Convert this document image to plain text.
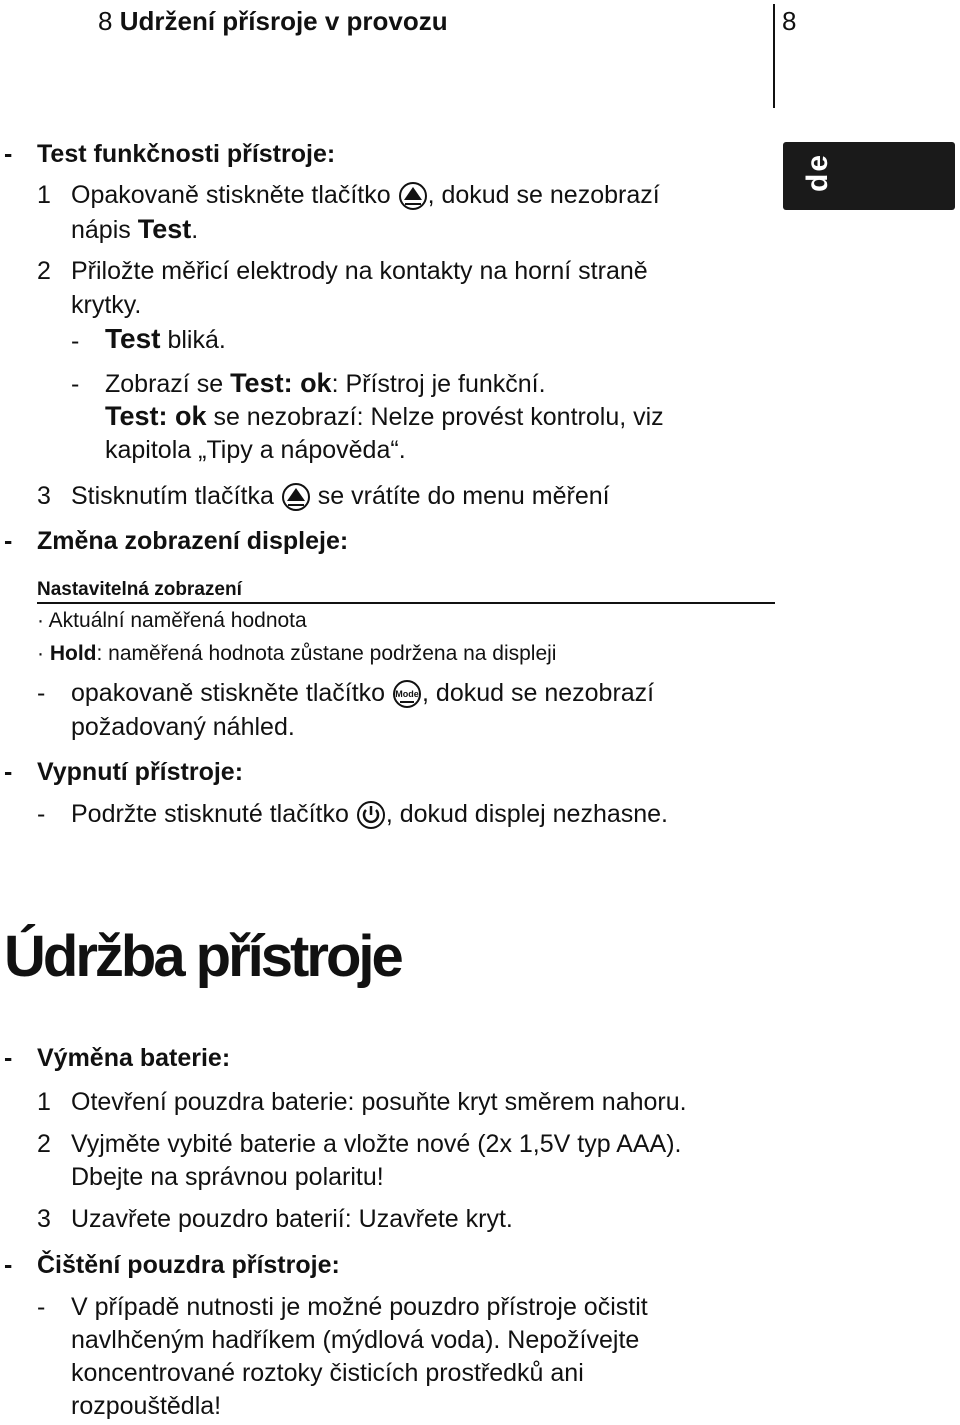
8 Udržení přísroje v provozu	8
de
- Test funkčnosti přístroje:
1 Opakovaně stiskněte tlačítko , dokud se nezobrazí
nápis Test.
2 Přiložte měřicí elektrody na kontakty na horní straně
krytky.
- Test bliká.
- Zobrazí se Test: ok: Přístroj je funkční.
Test: ok se nezobrazí: Nelze provést kontrolu, viz
kapitola „Tipy a nápověda“.
3 Stisknutím tlačítka se vrátíte do menu měření
- Změna zobrazení displeje:
Nastavitelná zobrazení
· Aktuální naměřená hodnota
· Hold: naměřená hodnota zůstane podržena na displeji
- opakovaně stiskněte tlačítko Mode , dokud se nezobrazí
požadovaný náhled.
- Vypnutí přístroje:
- Podržte stisknuté tlačítko , dokud displej nezhasne.
Údržba přístroje
- Výměna baterie:
1 Otevření pouzdra baterie: posuňte kryt směrem nahoru.
2 Vyjměte vybité baterie a vložte nové (2x 1,5V typ AAA).
Dbejte na správnou polaritu!
3 Uzavřete pouzdro baterií: Uzavřete kryt.
- Čištění pouzdra přístroje:
- V případě nutnosti je možné pouzdro přístroje očistit
navlhčeným hadříkem (mýdlová voda). Nepožívejte
koncentrované roztoky čisticích prostředků ani
rozpouštědla!
